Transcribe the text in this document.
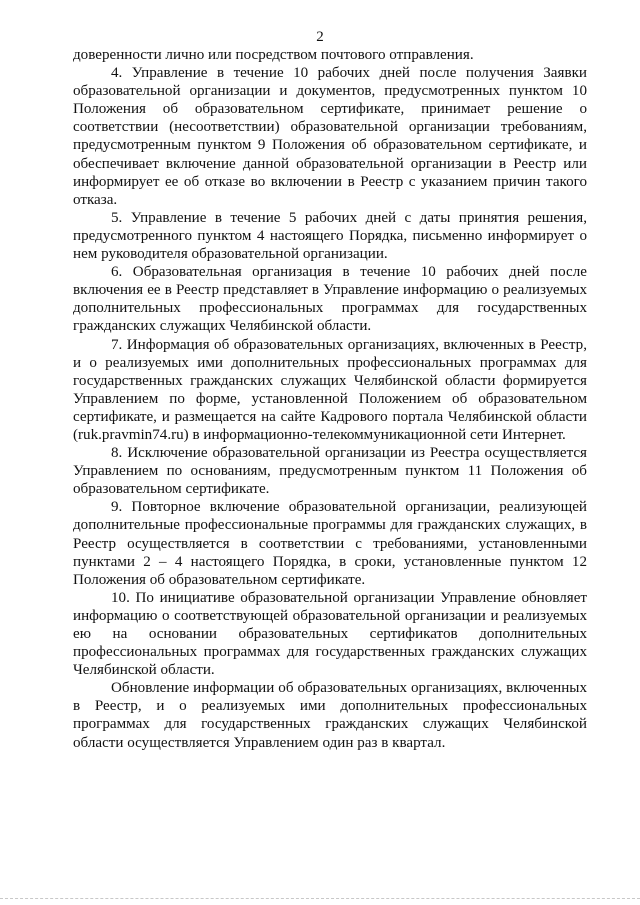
2

доверенности лично или посредством почтового отправления.

4. Управление в течение 10 рабочих дней после получения Заявки образовательной организации и документов, предусмотренных пунктом 10 Положения об образовательном сертификате, принимает решение о соответствии (несоответствии) образовательной организации требованиям, предусмотренным пунктом 9 Положения об образовательном сертификате, и обеспечивает включение данной образовательной организации в Реестр или информирует ее об отказе во включении в Реестр с указанием причин такого отказа.

5. Управление в течение 5 рабочих дней с даты принятия решения, предусмотренного пунктом 4 настоящего Порядка, письменно информирует о нем руководителя образовательной организации.

6. Образовательная организация в течение 10 рабочих дней после включения ее в Реестр представляет в Управление информацию о реализуемых дополнительных профессиональных программах для государственных гражданских служащих Челябинской области.

7. Информация об образовательных организациях, включенных в Реестр, и о реализуемых ими дополнительных профессиональных программах для государственных гражданских служащих Челябинской области формируется Управлением по форме, установленной Положением об образовательном сертификате, и размещается на сайте Кадрового портала Челябинской области (ruk.pravmin74.ru) в информационно-телекоммуникационной сети Интернет.

8. Исключение образовательной организации из Реестра осуществляется Управлением по основаниям, предусмотренным пунктом 11 Положения об образовательном сертификате.

9. Повторное включение образовательной организации, реализующей дополнительные профессиональные программы для гражданских служащих, в Реестр осуществляется в соответствии с требованиями, установленными пунктами 2 – 4 настоящего Порядка, в сроки, установленные пунктом 12 Положения об образовательном сертификате.

10. По инициативе образовательной организации Управление обновляет информацию о соответствующей образовательной организации и реализуемых ею на основании образовательных сертификатов дополнительных профессиональных программах для государственных гражданских служащих Челябинской области.

Обновление информации об образовательных организациях, включенных в Реестр, и о реализуемых ими дополнительных профессиональных программах для государственных гражданских служащих Челябинской области осуществляется Управлением один раз в квартал.
